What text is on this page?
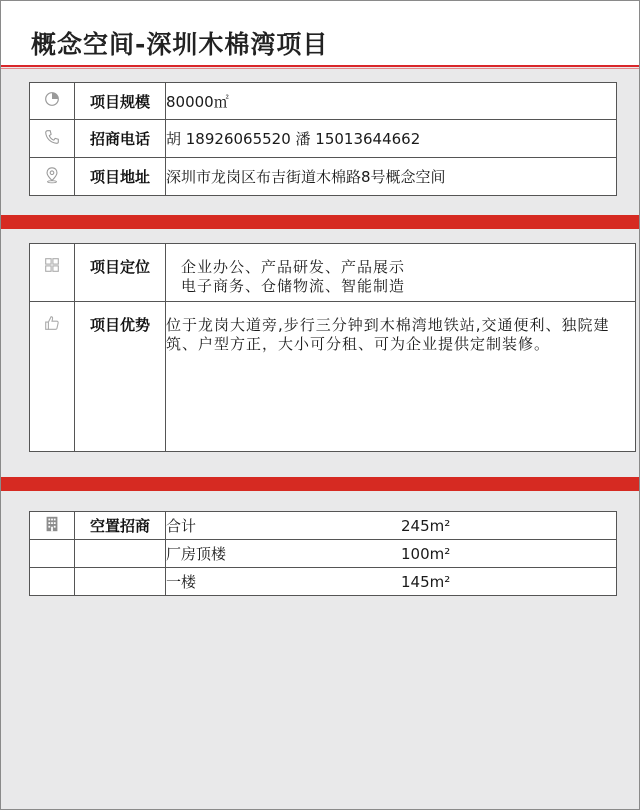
概念空间-深圳木棉湾项目
	项目规模	80000㎡
	招商电话	胡 18926065520 潘 15013644662
	项目地址	深圳市龙岗区布吉街道木棉路8号概念空间
	项目定位	企业办公、产品研发、产品展示
电子商务、仓储物流、智能制造

	项目优势	位于龙岗大道旁,步行三分钟到木棉湾地铁站,交通便利、独院建筑、户型方正，大小可分租、可为企业提供定制装修。
	空置招商	合计 245m²

		厂房顶楼 100m²

		一楼 145m²
